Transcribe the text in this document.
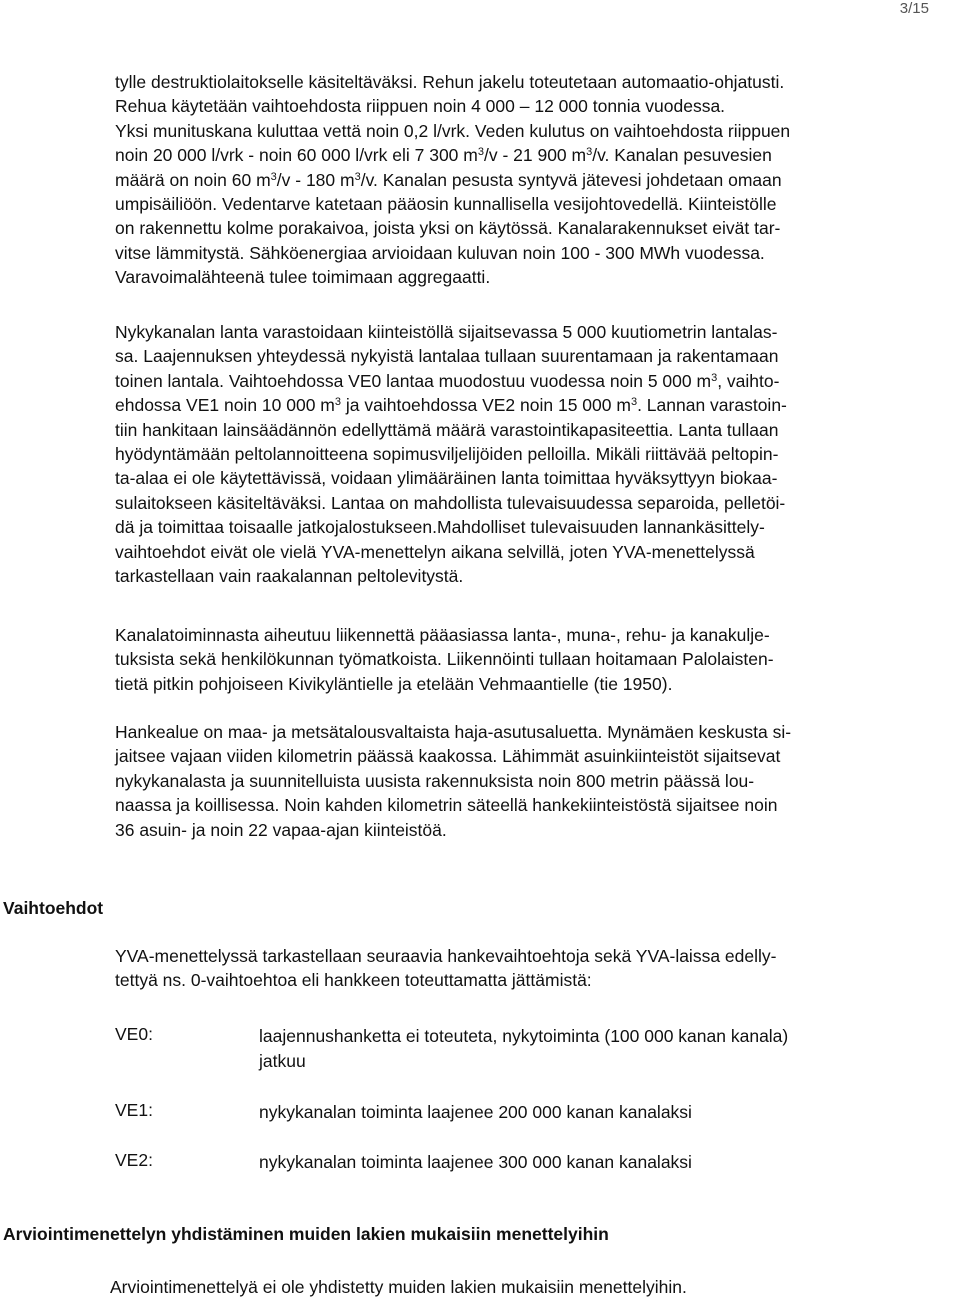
3/15
tylle destruktiolaitokselle käsiteltäväksi. Rehun jakelu toteutetaan automaatio-ohjatusti.
Rehua käytetään vaihtoehdosta riippuen noin 4 000 – 12 000 tonnia vuodessa.
Yksi munituskana kuluttaa vettä noin 0,2 l/vrk. Veden kulutus on vaihtoehdosta riippuen
noin 20 000 l/vrk - noin 60 000 l/vrk eli 7 300 $m^3/v - 21$ 900 $m^3/v$. Kanalan pesuvesien
määrä on noin 60 $m^3/v - 180$ $m^3/v$. Kanalan pesusta syntyvä jätevesi johdetaan omaan
umpisäiliöön. Vedentarve katetaan pääosin kunnallisella vesijohtovedellä. Kiinteistölle
on rakennettu kolme porakaivoa, joista yksi on käytössä. Kanalarakennukset eivät tar-
vitse lämmitystä. Sähköenergiaa arvioidaan kuluvan noin 100 - 300 MWh vuodessa.
Varavoimalähteenä tulee toimimaan aggregaatti.
Nykykanalan lanta varastoidaan kiinteistöllä sijaitsevassa 5 000 kuutiometrin lantalas-
sa. Laajennuksen yhteydessä nykyistä lantalaa tullaan suurentamaan ja rakentamaan
toinen lantala. Vaihtoehdossa VE0 lantaa muodostuu vuodessa noin 5 000 $m^3$, vaihto-
ehdossa VE1 noin 10 000 $m^3$ ja vaihtoehdossa VE2 noin 15 000 $m^3$. Lannan varastoin-
tiin hankitaan lainsäädännön edellyttämä määrä varastointikapasiteettia. Lanta tullaan
hyödyntämään peltolannoitteena sopimusviljelijöiden pelloilla. Mikäli riittävää peltopin-
ta-alaa ei ole käytettävissä, voidaan ylimääräinen lanta toimittaa hyväksyttyyn biokaa-
sulaitokseen käsiteltäväksi. Lantaa on mahdollista tulevaisuudessa separoida, pelletöi-
dä ja toimittaa toisaalle jatkojalostukseen.Mahdolliset tulevaisuuden lannankäsittely-
vaihtoehdot eivät ole vielä YVA-menettelyn aikana selvillä, joten YVA-menettelyssä
tarkastellaan vain raakalannan peltolevitystä.
Kanalatoiminnasta aiheutuu liikennettä pääasiassa lanta-, muna-, rehu- ja kanakulje-
tuksista sekä henkilökunnan työmatkoista. Liikennöinti tullaan hoitamaan Palolaisten-
tietä pitkin pohjoiseen Kivikyläntielle ja etelään Vehmaantielle (tie 1950).
Hankealue on maa- ja metsätalousvaltaista haja-asutusaluetta. Mynämäen keskusta si-
jaitsee vajaan viiden kilometrin päässä kaakossa. Lähimmät asuinkiinteistöt sijaitsevat
nykykanalasta ja suunnitelluista uusista rakennuksista noin 800 metrin päässä lou-
naassa ja koillisessa. Noin kahden kilometrin säteellä hankekiinteistöstä sijaitsee noin
36 asuin- ja noin 22 vapaa-ajan kiinteistöä.
Vaihtoehdot
YVA-menettelyssä tarkastellaan seuraavia hankevaihtoehtoja sekä YVA-laissa edelly-
tettyä ns. 0-vaihtoehtoa eli hankkeen toteuttamatta jättämistä:
VE0:	laajennushanketta ei toteuteta, nykytoiminta (100 000 kanan kanala)
jatkuu
VE1:	nykykanalan toiminta laajenee 200 000 kanan kanalaksi
VE2:	nykykanalan toiminta laajenee 300 000 kanan kanalaksi
Arviointimenettelyn yhdistäminen muiden lakien mukaisiin menettelyihin
Arviointimenettelyä ei ole yhdistetty muiden lakien mukaisiin menettelyihin.
